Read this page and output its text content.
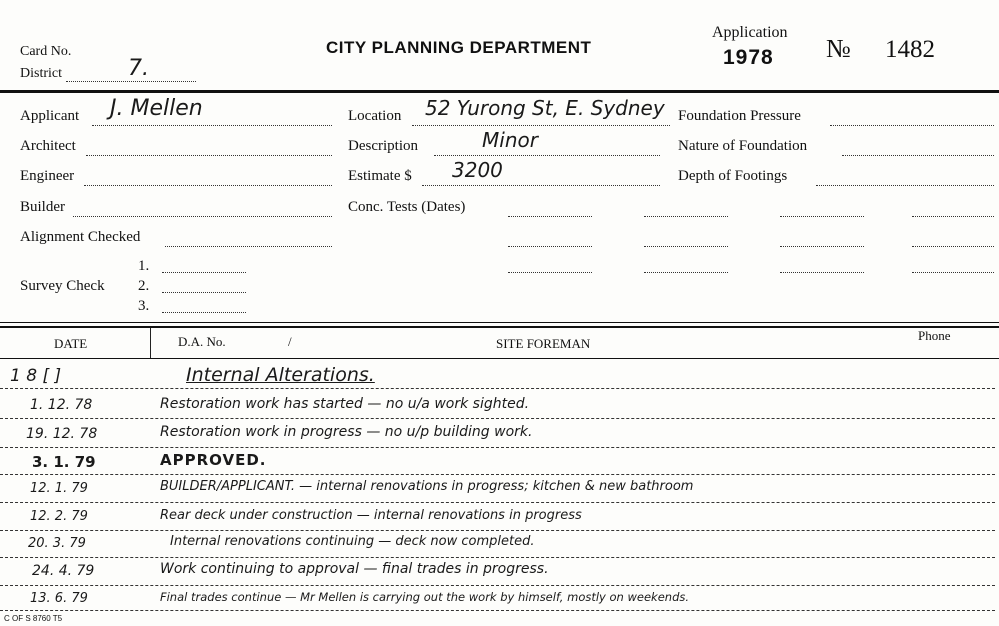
Card No.
District	7.
CITY PLANNING DEPARTMENT
Application
1978 № 1482
Applicant J. Mellen
Architect
Engineer
Builder
Alignment Checked
Survey Check
1.
2.
3.
Location 52 Yurong St, E. Sydney
Description	Minor
Estimate $ 3200
Conc. Tests (Dates)
Foundation Pressure
Nature of Foundation
Depth of Footings
DATE	D.A. No.	/	SITE FOREMAN
Phone
1 8 [ ]	Internal Alterations.
1. 12. 78	Restoration work has started — no u/a work sighted.
19. 12. 78	Restoration work in progress — no u/p building work.
3. 1. 79	APPROVED.
12. 1. 79	BUILDER/APPLICANT. — internal renovations in progress; kitchen & new bathroom
12. 2. 79	Rear deck under construction — internal renovations in progress
20. 3. 79	Internal renovations continuing — deck now completed.
24. 4. 79	Work continuing to approval — final trades in progress.
13. 6. 79	Final trades continue — Mr Mellen is carrying out the work by himself, mostly on weekends.
C OF S 8760 T5
